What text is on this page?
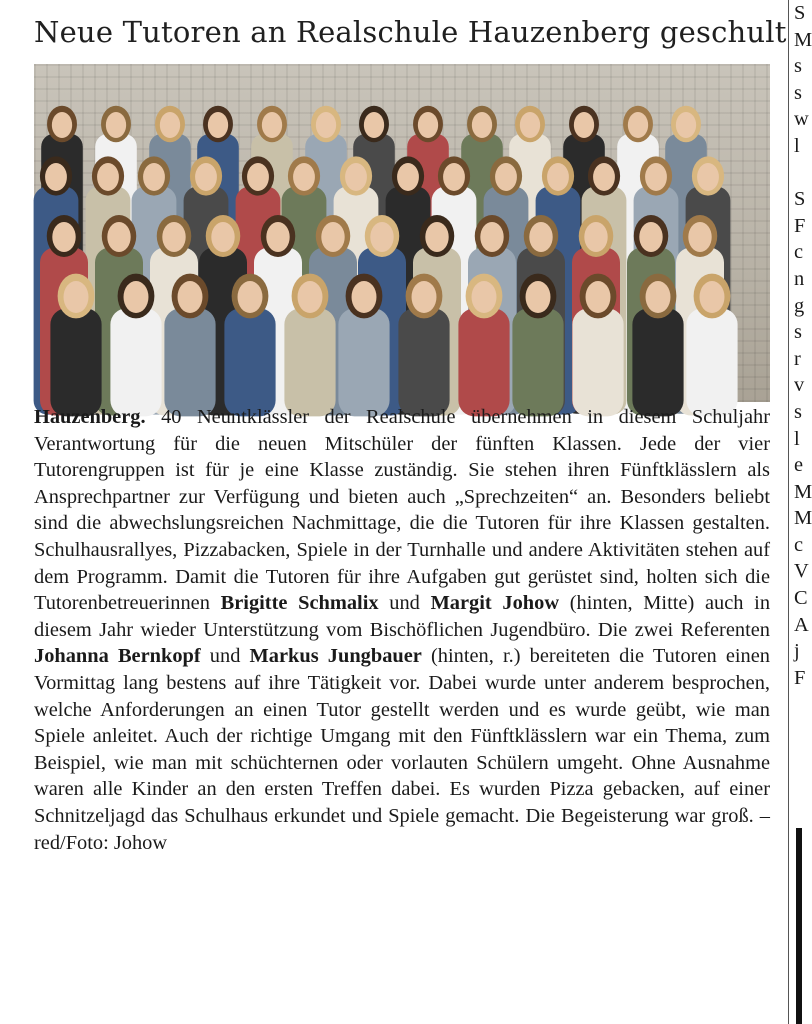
Neue Tutoren an Realschule Hauzenberg geschult

Hauzenberg. 40 Neuntklässler der Realschule übernehmen in diesem Schuljahr Verantwortung für die neuen Mitschüler der fünften Klassen. Jede der vier Tutorengruppen ist für je eine Klasse zuständig. Sie stehen ihren Fünftklässlern als Ansprechpartner zur Verfügung und bieten auch „Sprechzeiten“ an. Besonders beliebt sind die abwechslungsreichen Nachmittage, die die Tutoren für ihre Klassen gestalten. Schulhausrallyes, Pizzabacken, Spiele in der Turnhalle und andere Aktivitäten stehen auf dem Programm. Damit die Tutoren für ihre Aufgaben gut gerüstet sind, holten sich die Tutorenbetreuerinnen Brigitte Schmalix und Margit Johow (hinten, Mitte) auch in diesem Jahr wieder Unterstützung vom Bischöflichen Jugendbüro. Die zwei Referenten Johanna Bernkopf und Markus Jungbauer (hinten, r.) bereiteten die Tutoren einen Vormittag lang bestens auf ihre Tätigkeit vor. Dabei wurde unter anderem besprochen, welche Anforderungen an einen Tutor gestellt werden und es wurde geübt, wie man Spiele anleitet. Auch der richtige Umgang mit den Fünftklässlern war ein Thema, zum Beispiel, wie man mit schüchternen oder vorlauten Schülern umgeht. Ohne Ausnahme waren alle Kinder an den ersten Treffen dabei. Es wurden Pizza gebacken, auf einer Schnitzeljagd das Schulhaus erkundet und Spiele gemacht. Die Begeisterung war groß. – red/Foto: Johow

S
M
s
s
w
l

S
F
c
n
g
s
r
v
s
l
e
M
M
c
V
C
A
j
F
